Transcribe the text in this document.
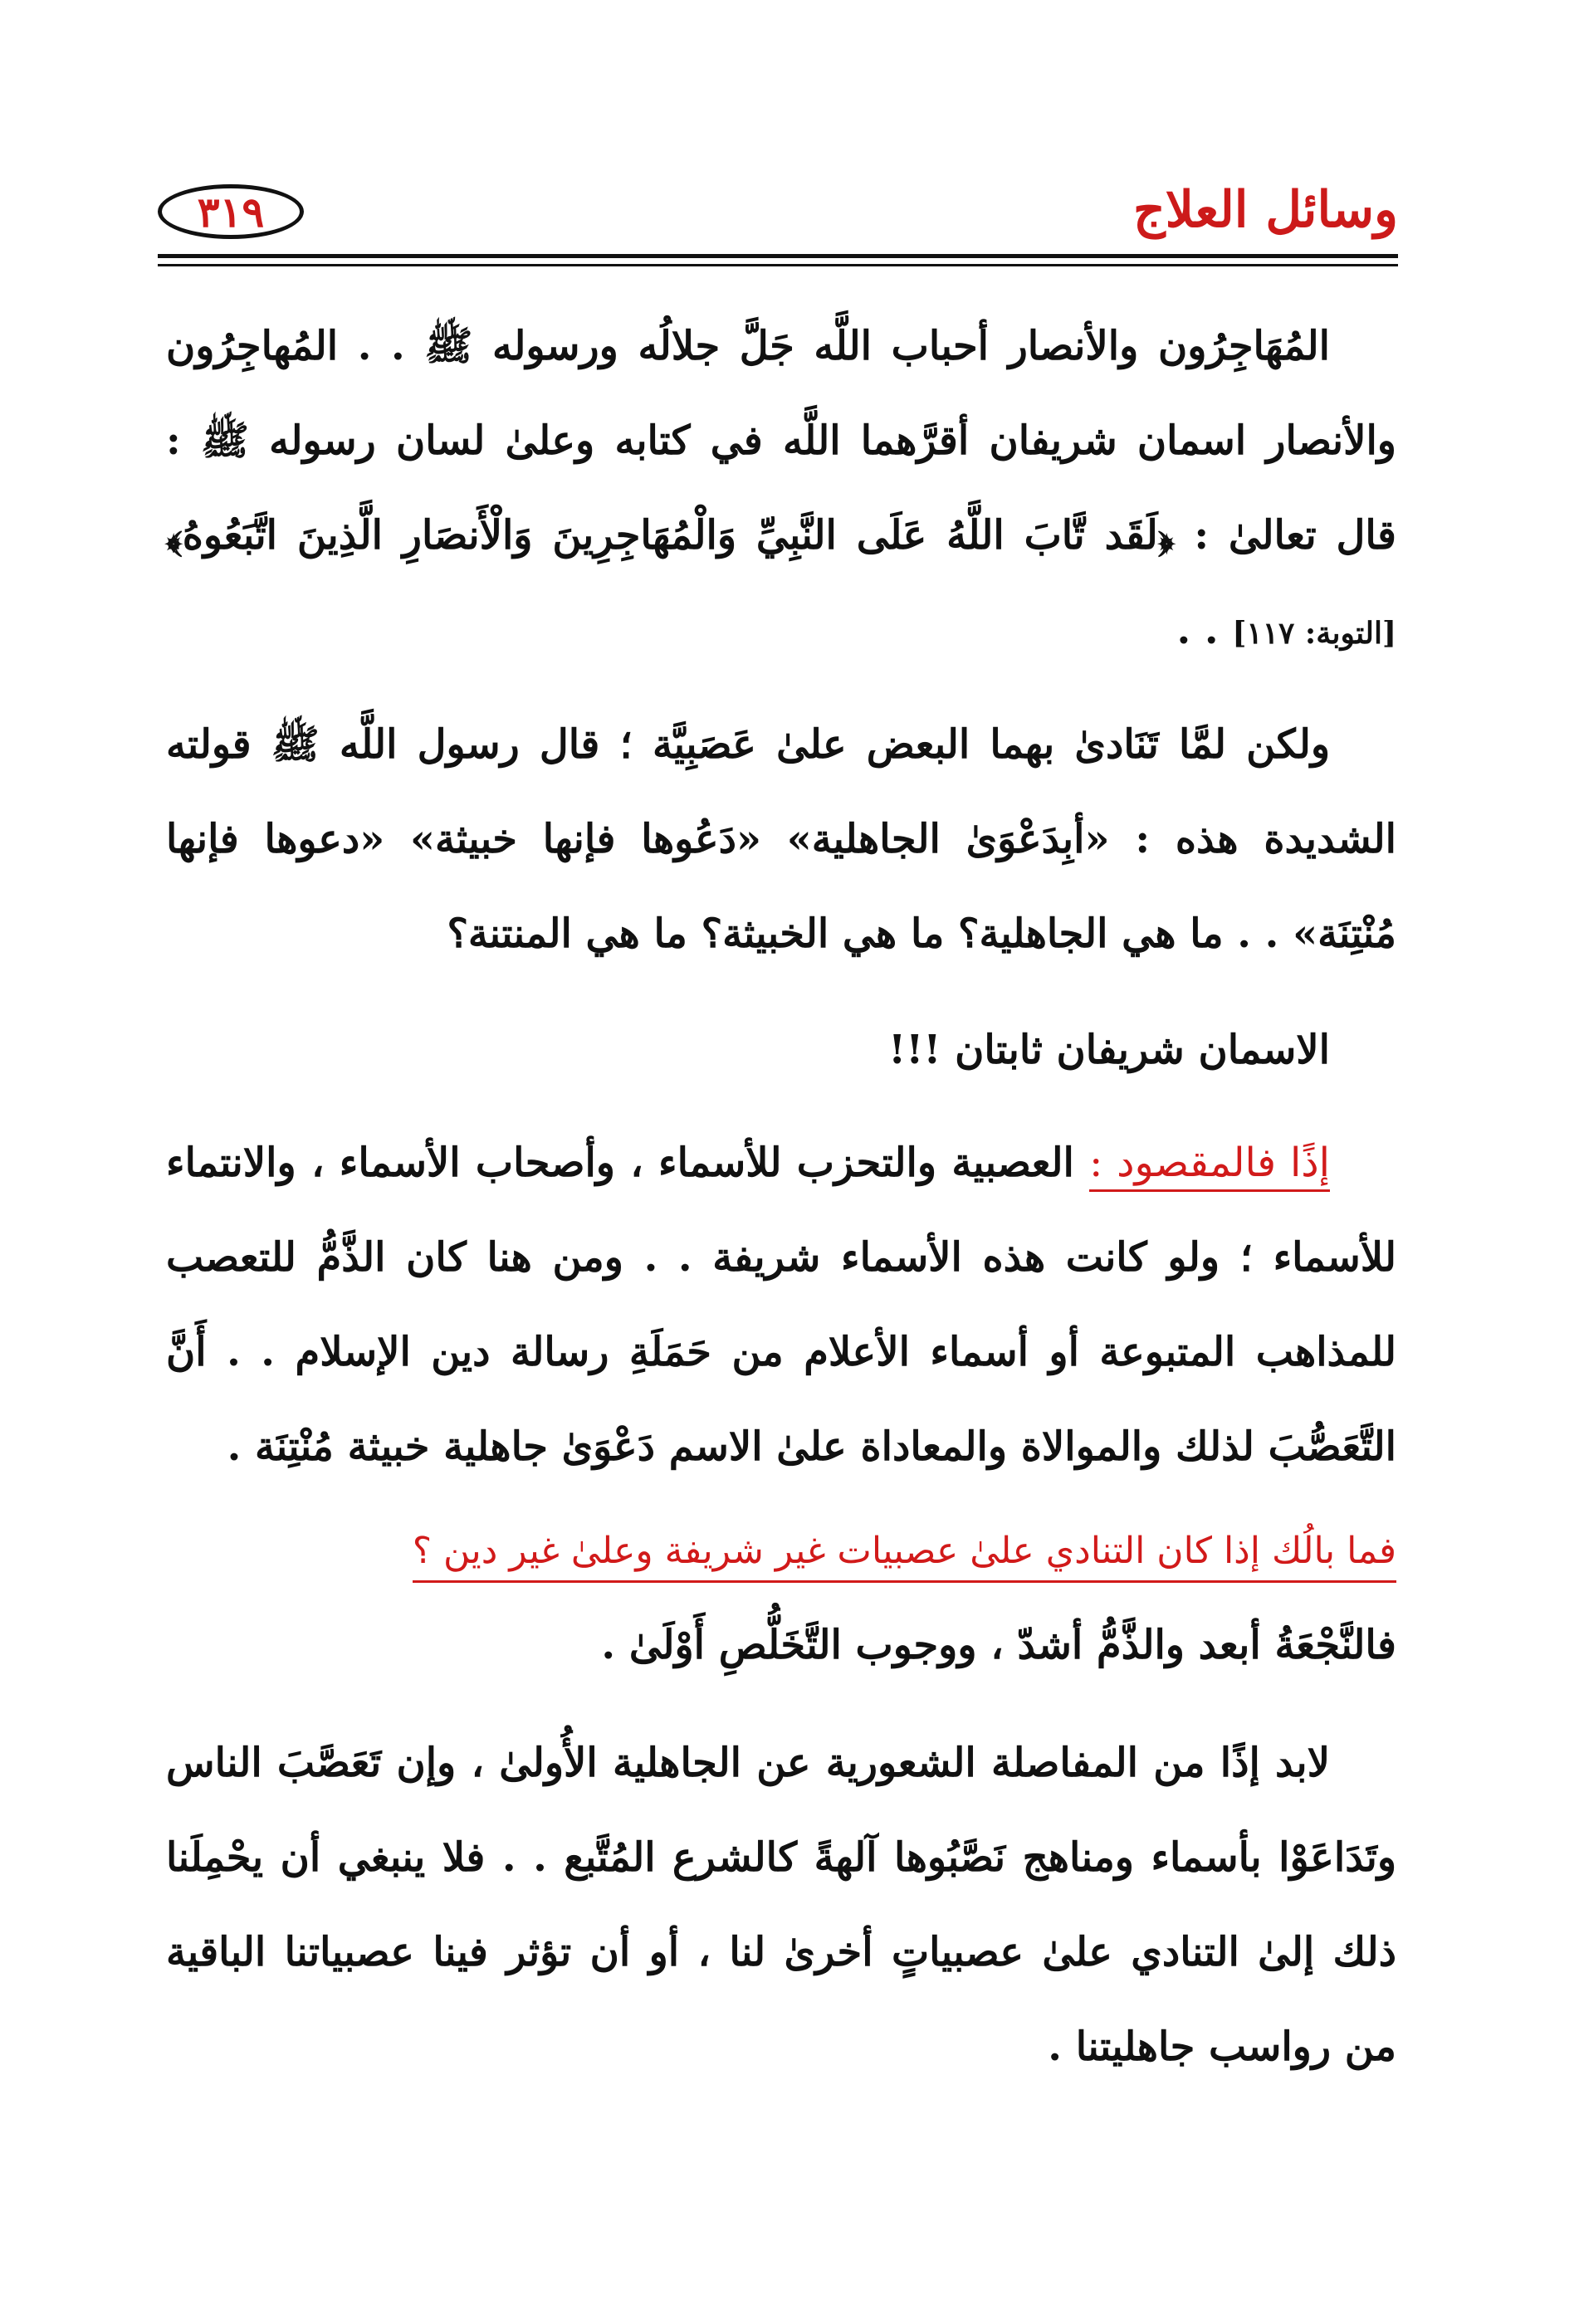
وسائل العلاج
٣١٩

المُهَاجِرُون والأنصار أحباب اللَّه جَلَّ جلالُه ورسوله ﷺ . . المُهاجِرُون والأنصار اسمان شريفان أقرَّهما اللَّه في كتابه وعلىٰ لسان رسوله ﷺ : قال تعالىٰ : ﴿لَقَد تَّابَ اللَّهُ عَلَى النَّبِيِّ وَالْمُهَاجِرِينَ وَالْأَنصَارِ الَّذِينَ اتَّبَعُوهُ﴾ [التوبة: ١١٧] . .

ولكن لمَّا تَنَادىٰ بهما البعض علىٰ عَصَبِيَّة ؛ قال رسول اللَّه ﷺ قولته الشديدة هذه : «أبِدَعْوَىٰ الجاهلية» «دَعُوها فإنها خبيثة» «دعوها فإنها مُنْتِنَة» . . ما هي الجاهلية؟ ما هي الخبيثة؟ ما هي المنتنة؟

الاسمان شريفان ثابتان !!!

إذًا فالمقصود : العصبية والتحزب للأسماء ، وأصحاب الأسماء ، والانتماء للأسماء ؛ ولو كانت هذه الأسماء شريفة . . ومن هنا كان الذَّمُّ للتعصب للمذاهب المتبوعة أو أسماء الأعلام من حَمَلَةِ رسالة دين الإسلام . . أَنَّ التَّعَصُّبَ لذلك والموالاة والمعاداة علىٰ الاسم دَعْوَىٰ جاهلية خبيثة مُنْتِنَة .

فما بالُك إذا كان التنادي علىٰ عصبيات غير شريفة وعلىٰ غير دين ؟

فالنَّجْعَةُ أبعد والذَّمُّ أشدّ ، ووجوب التَّخَلُّصِ أَوْلَىٰ .

لابد إذًا من المفاصلة الشعورية عن الجاهلية الأُولىٰ ، وإن تَعَصَّبَ الناس وتَدَاعَوْا بأسماء ومناهج نَصَّبُوها آلهةً كالشرع المُتَّبع . . فلا ينبغي أن يحْمِلَنا ذلك إلىٰ التنادي علىٰ عصبياتٍ أخرىٰ لنا ، أو أن تؤثر فينا عصبياتنا الباقية من رواسب جاهليتنا .
